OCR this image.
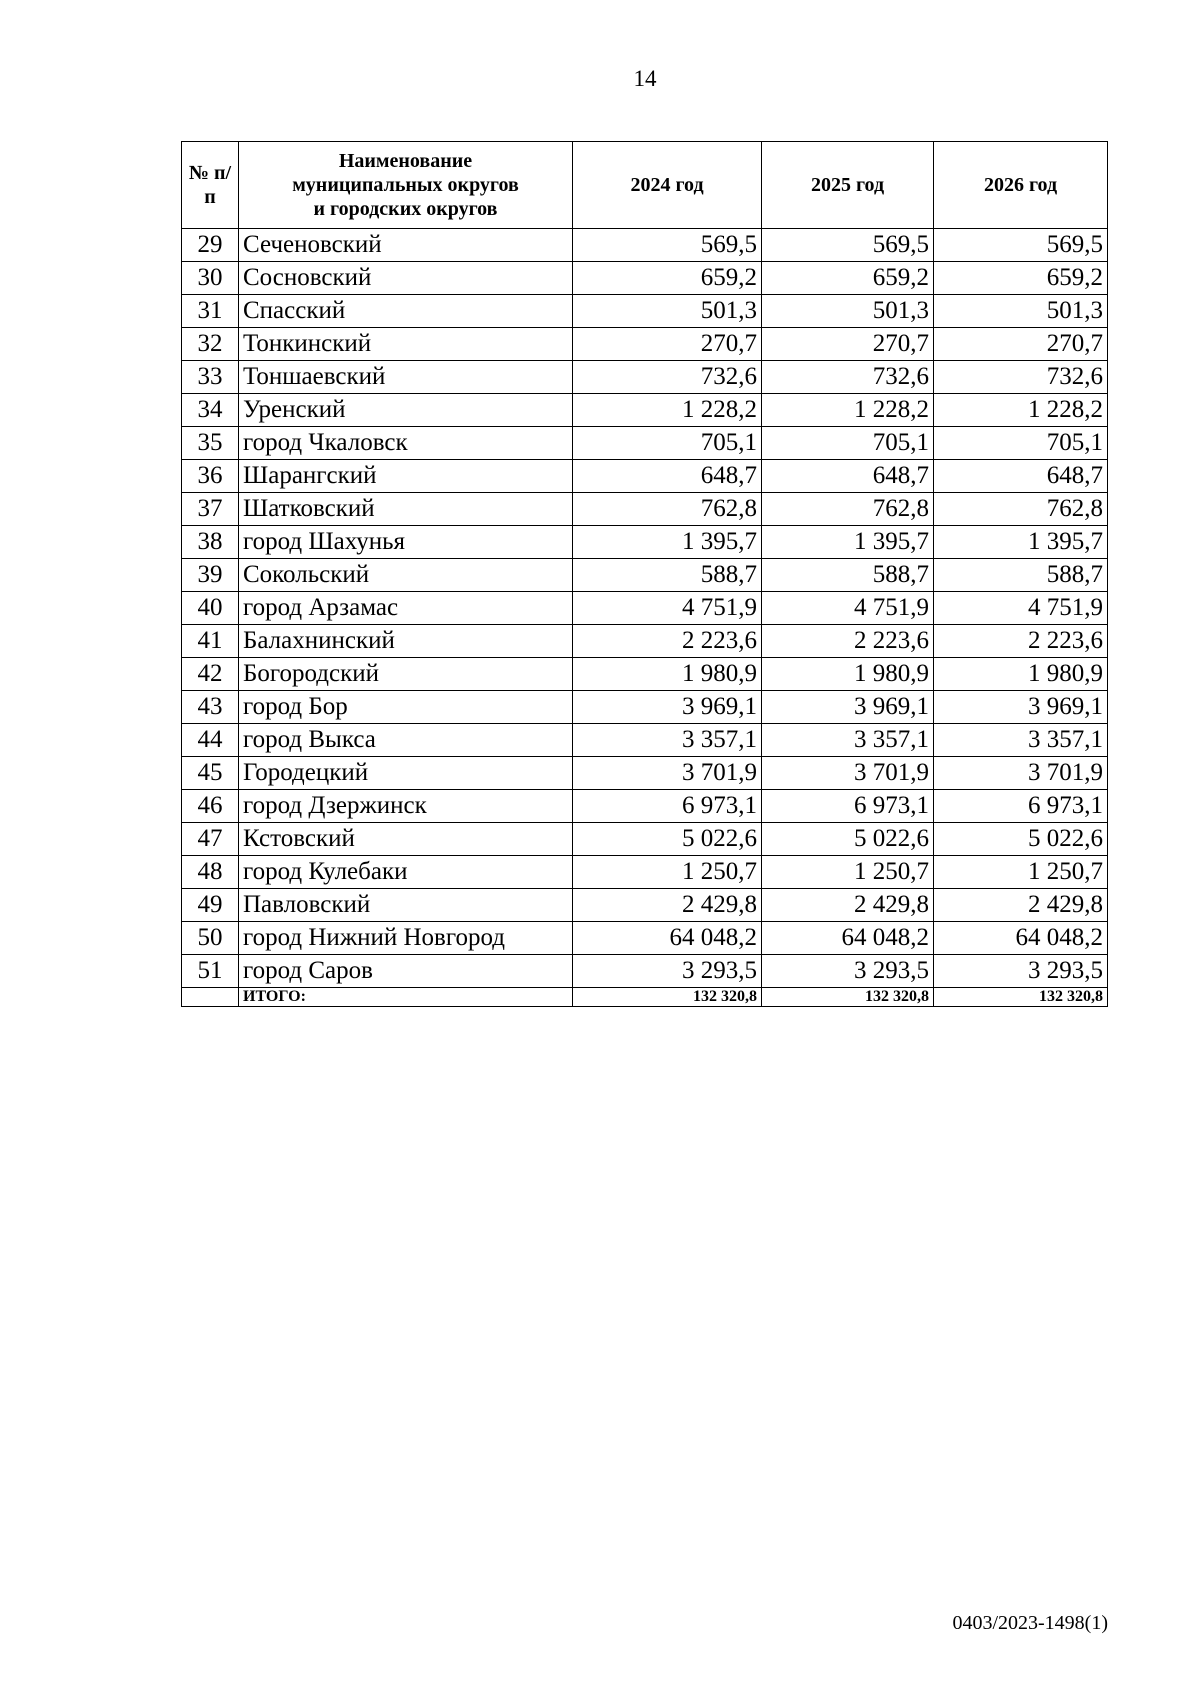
14
№ п/п	Наименование
муниципальных округов
и городских округов	2024 год	2025 год	2026 год
29	Сеченовский	569,5	569,5	569,5
30	Сосновский	659,2	659,2	659,2
31	Спасский	501,3	501,3	501,3
32	Тонкинский	270,7	270,7	270,7
33	Тоншаевский	732,6	732,6	732,6
34	Уренский	1 228,2	1 228,2	1 228,2
35	город Чкаловск	705,1	705,1	705,1
36	Шарангский	648,7	648,7	648,7
37	Шатковский	762,8	762,8	762,8
38	город Шахунья	1 395,7	1 395,7	1 395,7
39	Сокольский	588,7	588,7	588,7
40	город Арзамас	4 751,9	4 751,9	4 751,9
41	Балахнинский	2 223,6	2 223,6	2 223,6
42	Богородский	1 980,9	1 980,9	1 980,9
43	город Бор	3 969,1	3 969,1	3 969,1
44	город Выкса	3 357,1	3 357,1	3 357,1
45	Городецкий	3 701,9	3 701,9	3 701,9
46	город Дзержинск	6 973,1	6 973,1	6 973,1
47	Кстовский	5 022,6	5 022,6	5 022,6
48	город Кулебаки	1 250,7	1 250,7	1 250,7
49	Павловский	2 429,8	2 429,8	2 429,8
50	город Нижний Новгород	64 048,2	64 048,2	64 048,2
51	город Саров	3 293,5	3 293,5	3 293,5
	ИТОГО:	132 320,8	132 320,8	132 320,8
0403/2023-1498(1)
